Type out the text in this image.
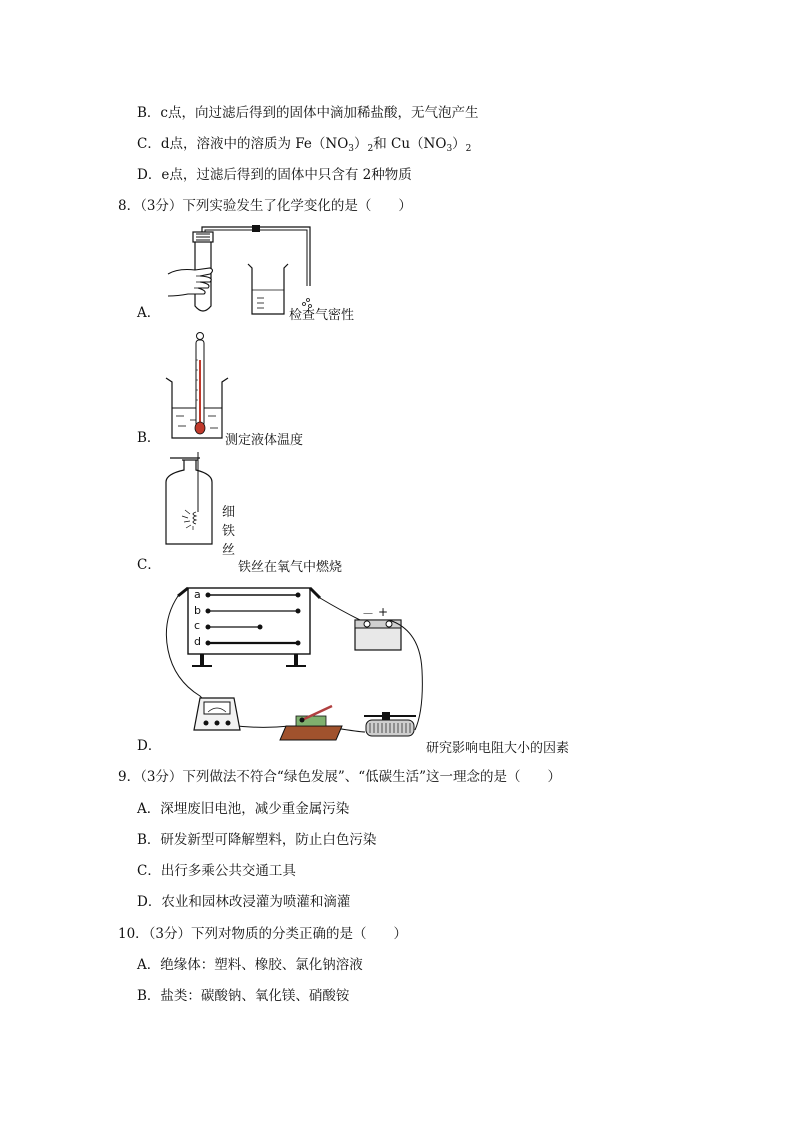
B．c点，向过滤后得到的固体中滴加稀盐酸，无气泡产生
C．d点，溶液中的溶质为 $Fe(NO_3)_2$和 $Cu(NO_3)_2$
D．e点，过滤后得到的固体中只含有 2种物质
8．（3分）下列实验发生了化学变化的是（　　）
A．	检查气密性
B．	测定液体温度
细
铁
丝
C．	铁丝在氧气中燃烧
a
b
c
d
－ +
D．	研究影响电阻大小的因素
9．（3分）下列做法不符合“绿色发展”、“低碳生活”这一理念的是（　　）
A．深埋废旧电池，减少重金属污染
B．研发新型可降解塑料，防止白色污染
C．出行多乘公共交通工具
D．农业和园林改浸灌为喷灌和滴灌
10．（3分）下列对物质的分类正确的是（　　）
A．绝缘体：塑料、橡胶、氯化钠溶液
B．盐类：碳酸钠、氧化镁、硝酸铵
